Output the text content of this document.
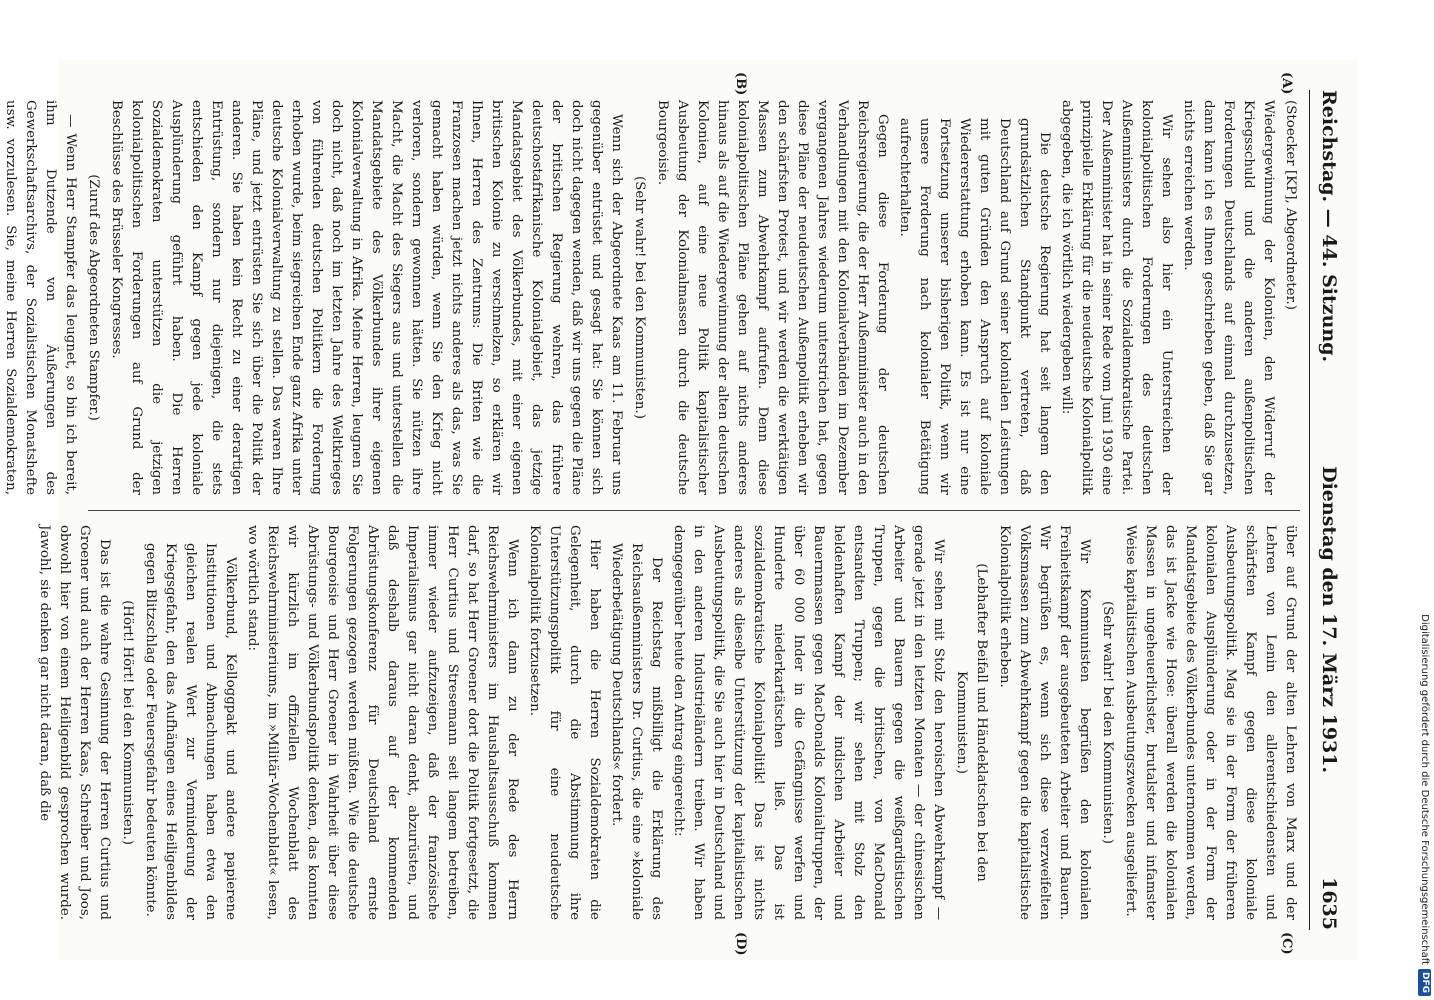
Reichstag. — 44. Sitzung.
Dienstag den 17. März 1931.
1635
(A)
(B)
(C)
(D)

(Stoecker [KP], Abgeordneter.)

Wiedergewinnung der Kolonien, den Widerruf der Kriegsschuld und die anderen außenpolitischen Forderungen Deutschlands auf einmal durchzusetzen, dann kann ich es Ihnen geschrieben geben, daß Sie gar nichts erreichen werden.

Wir sehen also hier ein Unterstreichen der kolonialpolitischen Forderungen des deutschen Außenministers durch die Sozialdemokratische Partei. Der Außenminister hat in seiner Rede vom Juni 1930 eine prinzipielle Erklärung für die neudeutsche Kolonialpolitik abgegeben, die ich wörtlich wiedergeben will:

Die deutsche Regierung hat seit langem den grundsätzlichen Standpunkt vertreten, daß Deutschland auf Grund seiner kolonialen Leistungen mit guten Gründen den Anspruch auf koloniale Wiedererstattung erhoben kann. Es ist nur eine Fortsetzung unserer bisherigen Politik, wenn wir unsere Forderung nach kolonialer Betätigung aufrechterhalten.

Gegen diese Forderung der deutschen Reichsregierung, die der Herr Außenminister auch in den Verhandlungen mit den Kolonialverbänden im Dezember vergangenen Jahres wiederum unterstrichen hat, gegen diese Pläne der neudeutschen Außenpolitik erheben wir den schärfsten Protest, und wir werden die werktätigen Massen zum Abwehrkampf aufrufen. Denn diese kolonialpolitischen Pläne gehen auf nichts anderes hinaus als auf die Wiedergewinnung der alten deutschen Kolonien, auf eine neue Politik kapitalistischer Ausbeutung der Kolonialmassen durch die deutsche Bourgeoisie.

(Sehr wahr! bei den Kommunisten.)

Wenn sich der Abgeordnete Kaas am 11. Februar uns gegenüber entrüstet und gesagt hat: Sie können sich doch nicht dagegen wenden, daß wir uns gegen die Pläne der britischen Regierung wehren, das frühere deutschostafrikanische Kolonialgebiet, das jetzige Mandatsgebiet des Völkerbundes, mit einer eigenen britischen Kolonie zu verschmelzen, so erklären wir Ihnen, Herren des Zentrums: Die Briten wie die Franzosen machen jetzt nichts anderes als das, was Sie gemacht haben würden, wenn Sie den Krieg nicht verloren, sondern gewonnen hätten. Sie nützen ihre Macht, die Macht des Siegers aus und unterstellen die Mandatsgebiete des Völkerbundes ihrer eigenen Kolonialverwaltung in Afrika. Meine Herren, leugnen Sie doch nicht, daß noch im letzten Jahre des Weltkrieges von führenden deutschen Politikern die Forderung erhoben wurde, beim siegreichen Ende ganz Afrika unter deutsche Kolonialverwaltung zu stellen. Das waren Ihre Pläne, und jetzt entrüsten Sie sich über die Politik der anderen. Sie haben kein Recht zu einer derartigen Entrüstung, sondern nur diejenigen, die stets entschieden den Kampf gegen jede koloniale Ausplünderung geführt haben. Die Herren Sozialdemokraten unterstützen die jetzigen kolonialpolitischen Forderungen auf Grund der Beschlüsse des Brüsseler Kongresses.

(Zuruf des Abgeordneten Stampfer.)

— Wenn Herr Stampfer das leugnet, so bin ich bereit, ihm Dutzende von Äußerungen des Gewerkschaftsarchivs, der Sozialistischen Monatshefte usw. vorzulesen. Sie, meine Herren Sozialdemokraten,

über auf Grund der alten Lehren von Marx und der Lehren von Lenin den allerentschiedensten und schärfsten Kampf gegen diese koloniale Ausbeutungspolitik. Mag sie in der Form der früheren kolonialen Ausplünderung oder in der Form der Mandatsgebiete des Völkerbundes unternommen werden, das ist Jacke wie Hose: überall werden die kolonialen Massen in ungeheuerlichster, brutalster und infamster Weise kapitalistischen Ausbeutungszwecken ausgeliefert.

(Sehr wahr! bei den Kommunisten.)

Wir Kommunisten begrüßen den kolonialen Freiheitskampf der ausgebeuteten Arbeiter und Bauern. Wir begrüßen es, wenn sich diese verzweifelten Volksmassen zum Abwehrkampf gegen die kapitalistische Kolonialpolitik erheben.

(Lebhafter Beifall und Händeklatschen bei den Kommunisten.)

Wir sehen mit Stolz den heroischen Abwehrkampf — gerade jetzt in den letzten Monaten — der chinesischen Arbeiter und Bauern gegen die weißgardistischen Truppen, gegen die britischen, von MacDonald entsandten Truppen; wir sehen mit Stolz den heldenhaften Kampf der indischen Arbeiter und Bauernmassen gegen MacDonalds Kolonialtruppen, der über 60 000 Inder in die Gefängnisse werfen und Hunderte niederkartätschen ließ. Das ist sozialdemokratische Kolonialpolitik! Das ist nichts anderes als dieselbe Unterstützung der kapitalistischen Ausbeutungspolitik, die Sie auch hier in Deutschland und in den anderen Industrieländern treiben. Wir haben demgegenüber heute den Antrag eingereicht:

Der Reichstag mißbilligt die Erklärung des Reichsaußenministers Dr. Curtius, die eine »koloniale Wiederbetätigung Deutschlands« fordert.

Hier haben die Herren Sozialdemokraten die Gelegenheit, durch die Abstimmung ihre Unterstützungspolitik für eine neudeutsche Kolonialpolitik fortzusetzen.

Wenn ich dann zu der Rede des Herrn Reichswehrministers im Haushaltsausschuß kommen darf, so hat Herr Groener dort die Politik fortgesetzt, die Herr Curtius und Stresemann seit langem betreiben, immer wieder aufzuzeigen, daß der französische Imperialismus gar nicht daran denkt, abzurüsten, und daß deshalb daraus auf der kommenden Abrüstungskonferenz für Deutschland ernste Folgerungen gezogen werden müßten. Wie die deutsche Bourgeoisie und Herr Groener in Wahrheit über diese Abrüstungs- und Völkerbundspolitik denken, das konnten wir kürzlich im offiziellen Wochenblatt des Reichswehrministeriums, im »Militär-Wochenblatt« lesen, wo wörtlich stand:

Völkerbund, Kelloggpakt und andere papierene Institutionen und Abmachungen haben etwa den gleichen realen Wert zur Verminderung der Kriegsgefahr, den das Aufhängen eines Heiligenbildes gegen Blitzschlag oder Feuersgefahr bedeuten könnte.

(Hört! Hört! bei den Kommunisten.)

Das ist die wahre Gesinnung der Herren Curtius und Groener und auch der Herren Kaas, Schreiber und Joos, obwohl hier von einem Heiligenbild gesprochen wurde. Jawohl, sie denken gar nicht daran, daß die	Digitalisierung gefördert durch die Deutsche Forschungsgemeinschaft
DFG
